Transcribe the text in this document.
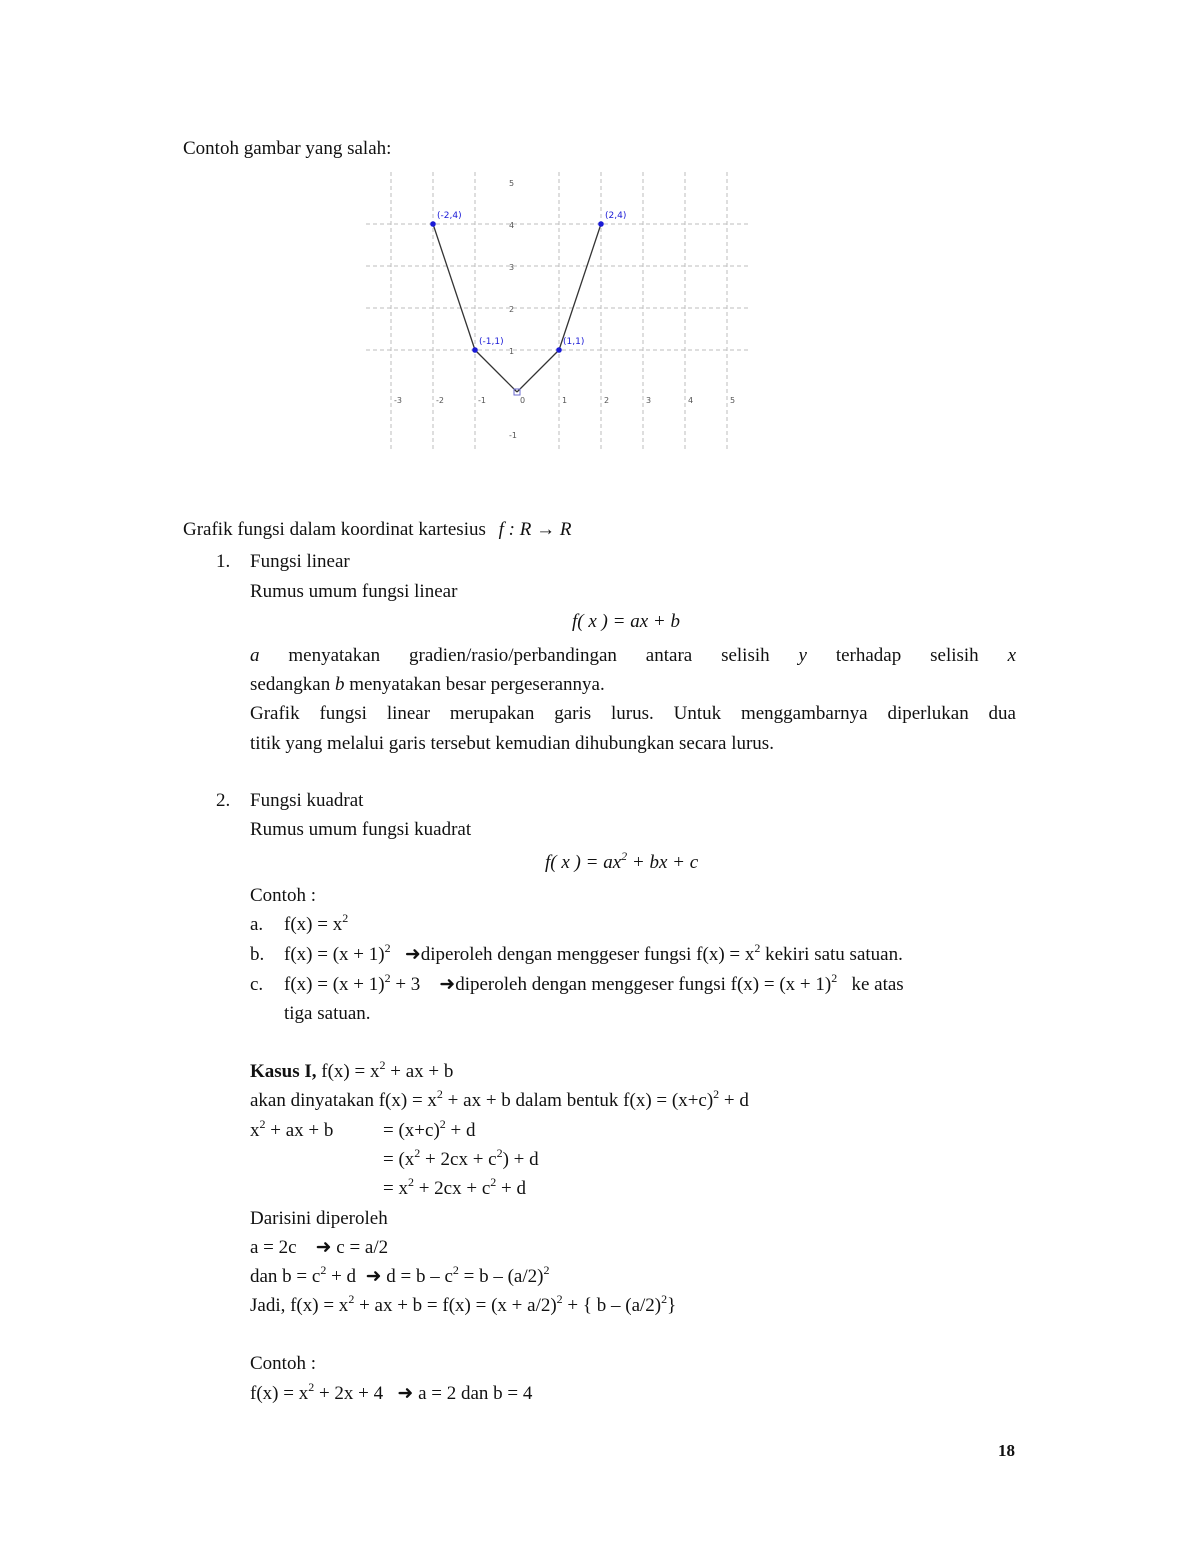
Contoh gambar yang salah:
-3	-2	-1	0	1	2	3	4	5
5
4
3
2
1
-1
(-2,4)
(-1,1)	(1,1)
(2,4)
Grafik fungsi dalam koordinat kartesius f : R → R
1. Fungsi linear
Rumus umum fungsi linear
f( x ) = ax + b
a menyatakan gradien/rasio/perbandingan antara selisih y terhadap selisih x
sedangkan b menyatakan besar pergeserannya.
Grafik fungsi linear merupakan garis lurus. Untuk menggambarnya diperlukan dua
titik yang melalui garis tersebut kemudian dihubungkan secara lurus.
2. Fungsi kuadrat
Rumus umum fungsi kuadrat
f( x ) = $ax^2$ + bx + c
Contoh :
a. $f(x) = x^2$
b. $f(x) = (x + 1)^2$ ➜diperoleh dengan menggeser fungsi $f(x) = x^2$ kekiri satu satuan.
c. $f(x) = (x + 1)^2 + 3$    ➜diperoleh dengan menggeser fungsi $f(x) = (x + 1)^2$   ke atas
tiga satuan.
Kasus I, $f(x) = x^2$ + ax + b
akan dinyatakan $f(x) = x^2$ + ax + b dalam bentuk $f(x) = (x+c)^2 + d$
$x^2$ + ax + b	= $(x+c)^2 + d$
= $(x^2 + 2cx + c^2) + d$
= $x^2 + 2cx + c^2 + d$
Darisini diperoleh
a = 2c    ➜ c = a/2
dan $b = c^2 + d$  ➜ $d = b - c^2 = b - (a/2)^2$
Jadi, $f(x) = x^2$ + ax + $b = f(x) = (x + a/2)^2$ + { b – $(a/2)^2$}
Contoh :
$f(x) = x^2 + 2x + 4$   ➜ a = 2 dan b = 4
18
